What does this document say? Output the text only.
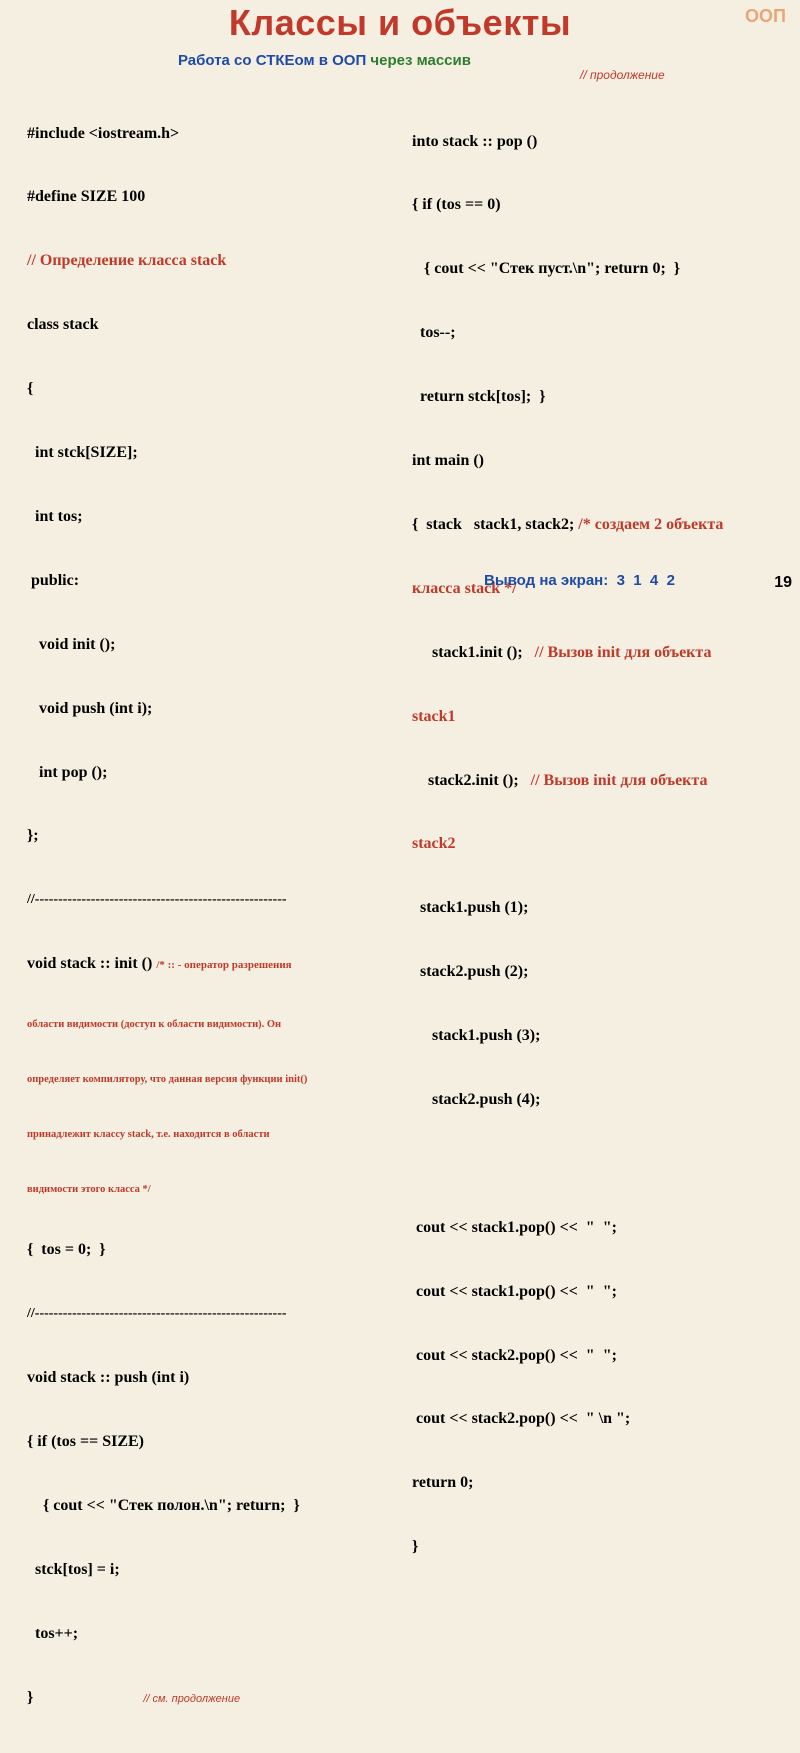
Классы и объекты	ООП
Работа со СТКЕом в ООП через массив
// продолжение

#include <iostream.h>

#define SIZE 100

// Определение класса stack

class stack

{

int stck[SIZE];

int tos;

public:

void init ();

void push (int i);

int pop ();

};

//------------------------------------------------------

void stack :: init () /* :: - оператор разрешения

области видимости (доступ к области видимости). Он

определяет компилятору, что данная версия функции init()

принадлежит классу stack, т.е. находится в области

видимости этого класса */

{  tos = 0;  }

//------------------------------------------------------

void stack :: push (int i)

{ if (tos == SIZE)

{ cout << "Стек полон.\n"; return;  }

stck[tos] = i;

tos++;

}	// см. продолжение

into stack :: pop ()

{ if (tos == 0)

{ cout << "Стек пуст.\n"; return 0;  }

tos--;

return stck[tos];  }

int main ()

{  stack   stack1, stack2; /* создаем 2 объекта

класса stack */

stack1.init ();   // Вызов init для объекта

stack1

stack2.init ();   // Вызов init для объекта

stack2

stack1.push (1);

stack2.push (2);

stack1.push (3);

stack2.push (4);

cout << stack1.pop() <<  "  ";

cout << stack1.pop() <<  "  ";

cout << stack2.pop() <<  "  ";

cout << stack2.pop() <<  " \n ";

return 0;

}

Вывод на экран:  3  1  4  2	19
